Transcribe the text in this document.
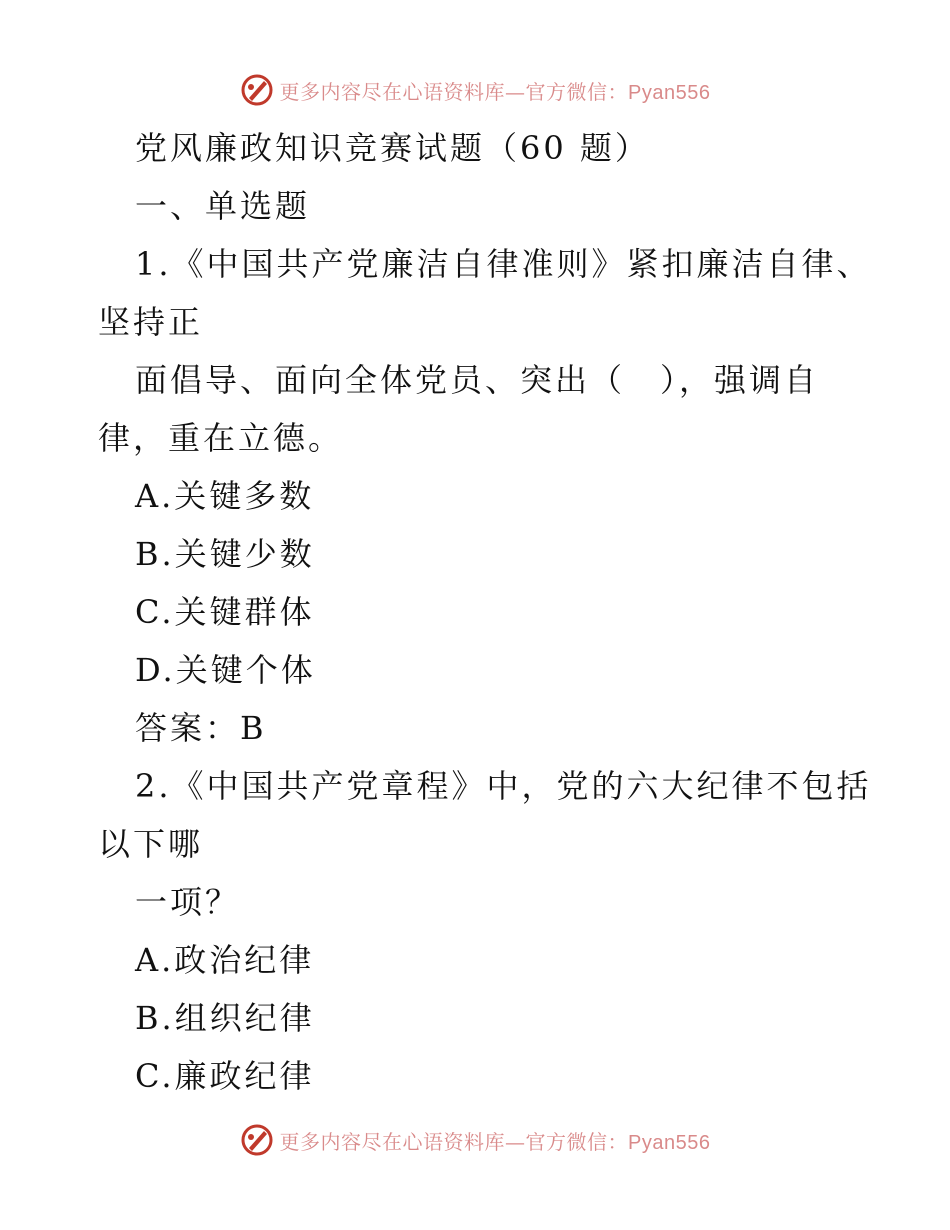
更多内容尽在心语资料库—官方微信：Pyan556
党风廉政知识竞赛试题（60 题）
一、单选题
1.《中国共产党廉洁自律准则》紧扣廉洁自律、
坚持正
面倡导、面向全体党员、突出（　），强调自
律，重在立德。
A.关键多数
B.关键少数
C.关键群体
D.关键个体
答案：B
2.《中国共产党章程》中，党的六大纪律不包括
以下哪
一项？
A.政治纪律
B.组织纪律
C.廉政纪律
更多内容尽在心语资料库—官方微信：Pyan556
